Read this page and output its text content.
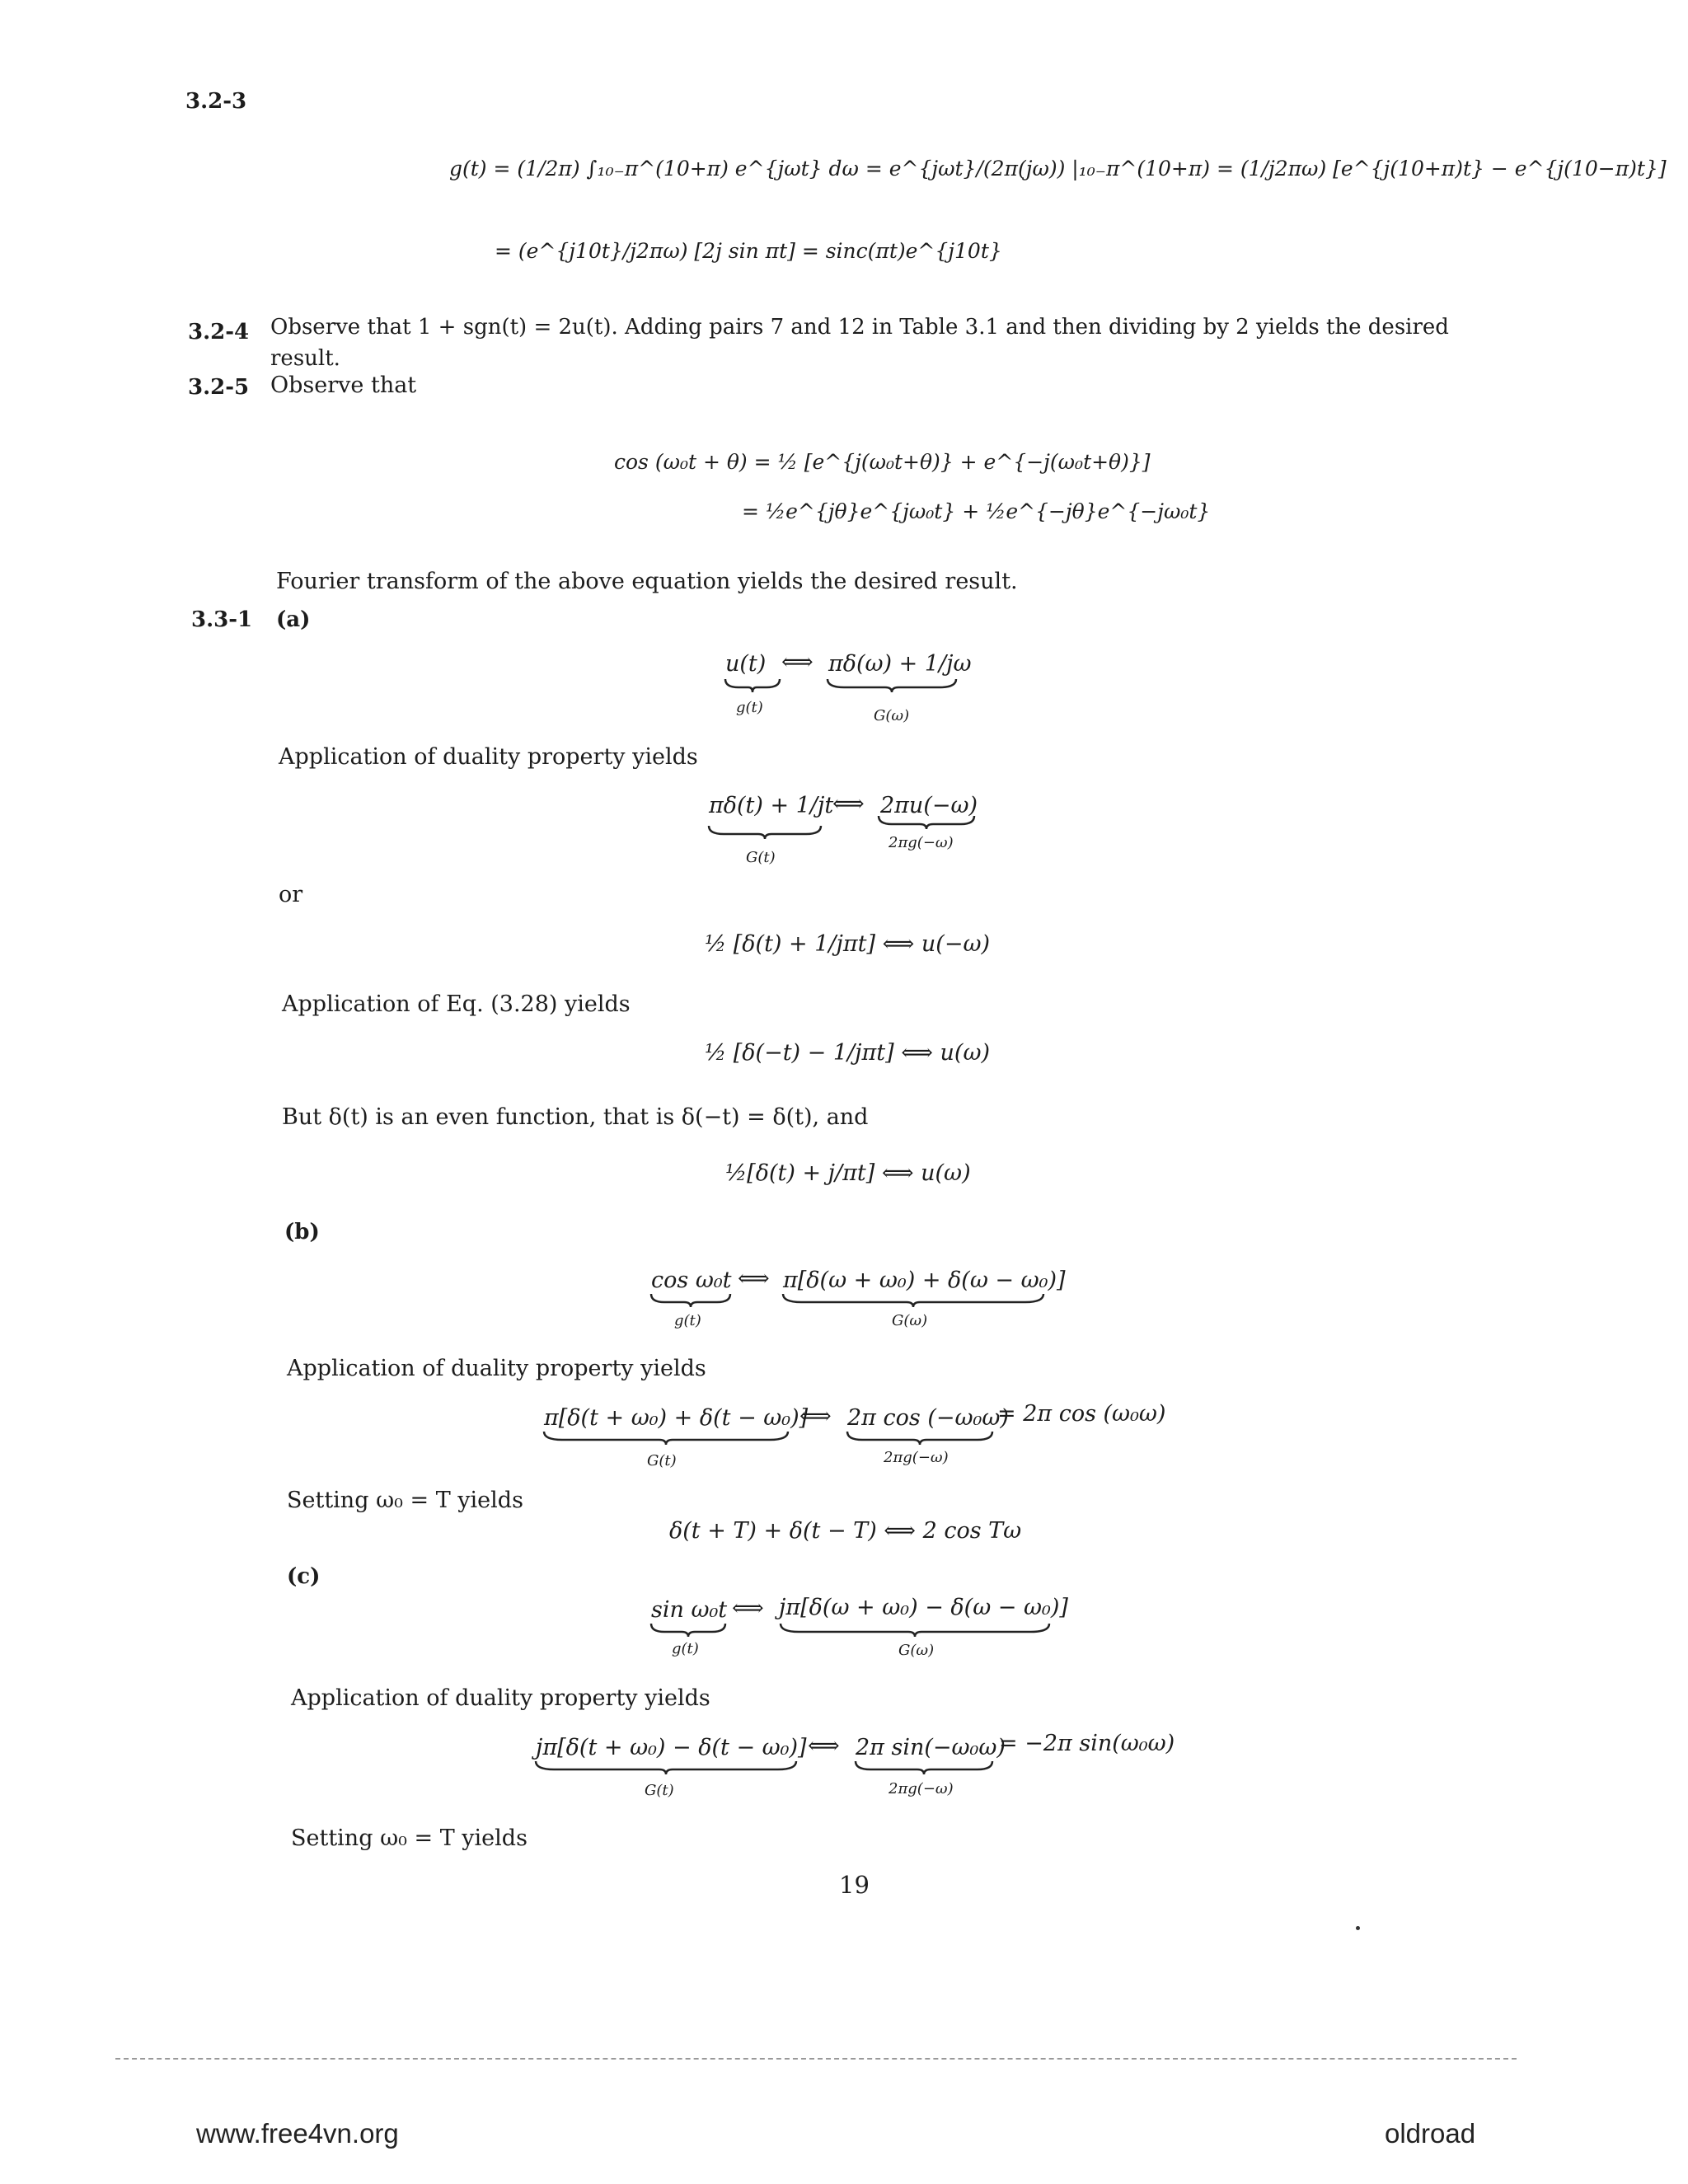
3.2-3
g(t) = (1/2π) ∫₁₀₋π^(10+π) e^{jωt} dω = e^{jωt}/(2π(jω)) |₁₀₋π^(10+π) = (1/j2πω) [e^{j(10+π)t} − e^{j(10−π)t}]
= (e^{j10t}/j2πω) [2j sin πt] = sinc(πt)e^{j10t}
3.2-4 Observe that 1 + sgn(t) = 2u(t). Adding pairs 7 and 12 in Table 3.1 and then dividing by 2 yields the desired
result.
3.2-5 Observe that
cos (ω₀t + θ) = ½ [e^{j(ω₀t+θ)} + e^{−j(ω₀t+θ)}]
= ½e^{jθ}e^{jω₀t} + ½e^{−jθ}e^{−jω₀t}
Fourier transform of the above equation yields the desired result.
3.3-1 (a)
u(t) ⟺ πδ(ω) + 1/jω
g(t)	G(ω)
Application of duality property yields
πδ(t) + 1/jt
⟺ 2πu(−ω)
G(t)
2πg(−ω)
or
½ [δ(t) + 1/jπt] ⟺ u(−ω)
Application of Eq. (3.28) yields
½ [δ(−t) − 1/jπt] ⟺ u(ω)
But δ(t) is an even function, that is δ(−t) = δ(t), and
½[δ(t) + j/πt] ⟺ u(ω)
(b)
cos ω₀t ⟺ π[δ(ω + ω₀) + δ(ω − ω₀)]
g(t)	G(ω)
Application of duality property yields
π[δ(t + ω₀) + δ(t − ω₀)]
⟺ 2π cos (−ω₀ω)
= 2π cos (ω₀ω)
G(t)	2πg(−ω)
Setting ω₀ = T yields
δ(t + T) + δ(t − T) ⟺ 2 cos Tω
(c)
sin ω₀t ⟺ jπ[δ(ω + ω₀) − δ(ω − ω₀)]
g(t)	G(ω)
Application of duality property yields
jπ[δ(t + ω₀) − δ(t − ω₀)] ⟺ 2π sin(−ω₀ω)
= −2π sin(ω₀ω)
G(t)	2πg(−ω)
Setting ω₀ = T yields
19
www.free4vn.org	oldroad
